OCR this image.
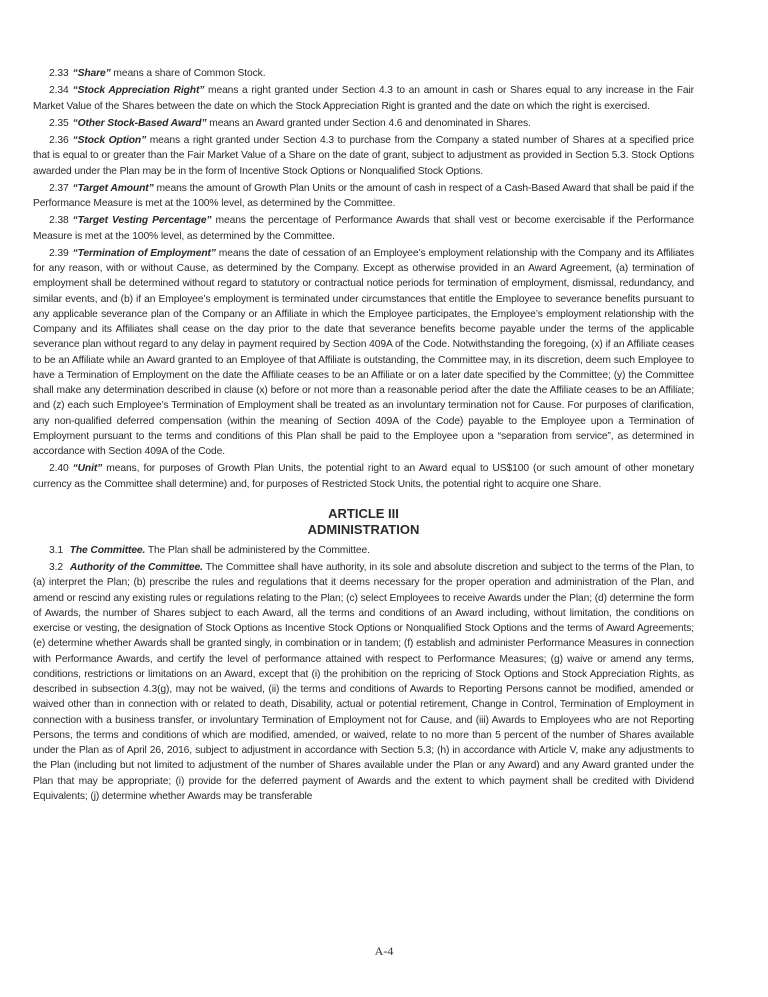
2.33 “Share” means a share of Common Stock.

2.34 “Stock Appreciation Right” means a right granted under Section 4.3 to an amount in cash or Shares equal to any increase in the Fair Market Value of the Shares between the date on which the Stock Appreciation Right is granted and the date on which the right is exercised.

2.35 “Other Stock-Based Award” means an Award granted under Section 4.6 and denominated in Shares.

2.36 “Stock Option” means a right granted under Section 4.3 to purchase from the Company a stated number of Shares at a specified price that is equal to or greater than the Fair Market Value of a Share on the date of grant, subject to adjustment as provided in Section 5.3. Stock Options awarded under the Plan may be in the form of Incentive Stock Options or Nonqualified Stock Options.

2.37 “Target Amount” means the amount of Growth Plan Units or the amount of cash in respect of a Cash-Based Award that shall be paid if the Performance Measure is met at the 100% level, as determined by the Committee.

2.38 “Target Vesting Percentage” means the percentage of Performance Awards that shall vest or become exercisable if the Performance Measure is met at the 100% level, as determined by the Committee.

2.39 “Termination of Employment” means the date of cessation of an Employee’s employment relationship with the Company and its Affiliates for any reason, with or without Cause, as determined by the Company. Except as otherwise provided in an Award Agreement, (a) termination of employment shall be determined without regard to statutory or contractual notice periods for termination of employment, dismissal, redundancy, and similar events, and (b) if an Employee’s employment is terminated under circumstances that entitle the Employee to severance benefits pursuant to any applicable severance plan of the Company or an Affiliate in which the Employee participates, the Employee’s employment relationship with the Company and its Affiliates shall cease on the day prior to the date that severance benefits become payable under the terms of the applicable severance plan without regard to any delay in payment required by Section 409A of the Code. Notwithstanding the foregoing, (x) if an Affiliate ceases to be an Affiliate while an Award granted to an Employee of that Affiliate is outstanding, the Committee may, in its discretion, deem such Employee to have a Termination of Employment on the date the Affiliate ceases to be an Affiliate or on a later date specified by the Committee; (y) the Committee shall make any determination described in clause (x) before or not more than a reasonable period after the date the Affiliate ceases to be an Affiliate; and (z) each such Employee’s Termination of Employment shall be treated as an involuntary termination not for Cause. For purposes of clarification, any non-qualified deferred compensation (within the meaning of Section 409A of the Code) payable to the Employee upon a Termination of Employment pursuant to the terms and conditions of this Plan shall be paid to the Employee upon a “separation from service”, as determined in accordance with Section 409A of the Code.

2.40 “Unit” means, for purposes of Growth Plan Units, the potential right to an Award equal to US$100 (or such amount of other monetary currency as the Committee shall determine) and, for purposes of Restricted Stock Units, the potential right to acquire one Share.

ARTICLE III
ADMINISTRATION

3.1 The Committee. The Plan shall be administered by the Committee.

3.2 Authority of the Committee. The Committee shall have authority, in its sole and absolute discretion and subject to the terms of the Plan, to (a) interpret the Plan; (b) prescribe the rules and regulations that it deems necessary for the proper operation and administration of the Plan, and amend or rescind any existing rules or regulations relating to the Plan; (c) select Employees to receive Awards under the Plan; (d) determine the form of Awards, the number of Shares subject to each Award, all the terms and conditions of an Award including, without limitation, the conditions on exercise or vesting, the designation of Stock Options as Incentive Stock Options or Nonqualified Stock Options and the terms of Award Agreements; (e) determine whether Awards shall be granted singly, in combination or in tandem; (f) establish and administer Performance Measures in connection with Performance Awards, and certify the level of performance attained with respect to Performance Measures; (g) waive or amend any terms, conditions, restrictions or limitations on an Award, except that (i) the prohibition on the repricing of Stock Options and Stock Appreciation Rights, as described in subsection 4.3(g), may not be waived, (ii) the terms and conditions of Awards to Reporting Persons cannot be modified, amended or waived other than in connection with or related to death, Disability, actual or potential retirement, Change in Control, Termination of Employment in connection with a business transfer, or involuntary Termination of Employment not for Cause, and (iii) Awards to Employees who are not Reporting Persons, the terms and conditions of which are modified, amended, or waived, relate to no more than 5 percent of the number of Shares available under the Plan as of April 26, 2016, subject to adjustment in accordance with Section 5.3; (h) in accordance with Article V, make any adjustments to the Plan (including but not limited to adjustment of the number of Shares available under the Plan or any Award) and any Award granted under the Plan that may be appropriate; (i) provide for the deferred payment of Awards and the extent to which payment shall be credited with Dividend Equivalents; (j) determine whether Awards may be transferable

A-4
